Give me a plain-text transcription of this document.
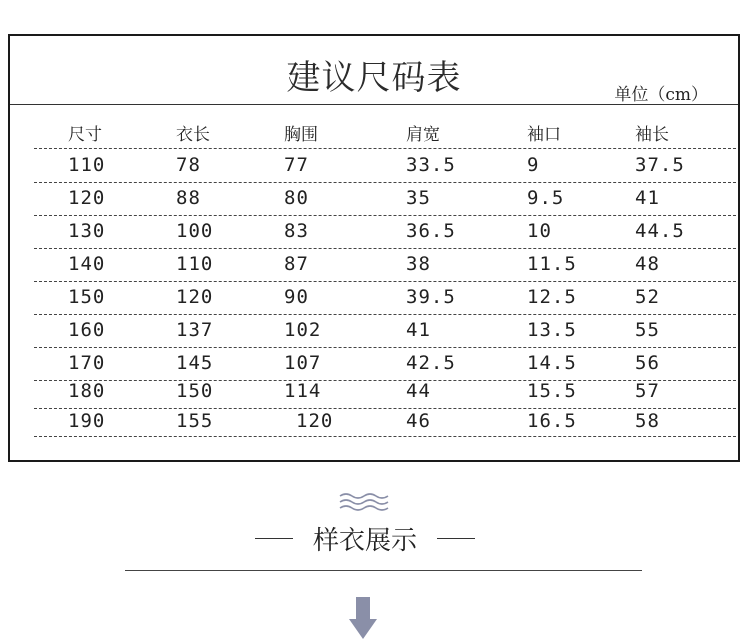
建议尺码表	单位（cm）
尺寸	衣长	胸围	肩宽	袖口	袖长
110	78	77	33.5	9	37.5
120	88	80	35	9.5	41
130	100	83	36.5	10	44.5
140	110	87	38	11.5	48
150	120	90	39.5	12.5	52
160	137	102	41	13.5	55
170	145	107	42.5	14.5	56
180	150	114	44	15.5	57
190	155	120	46	16.5	58
样衣展示
